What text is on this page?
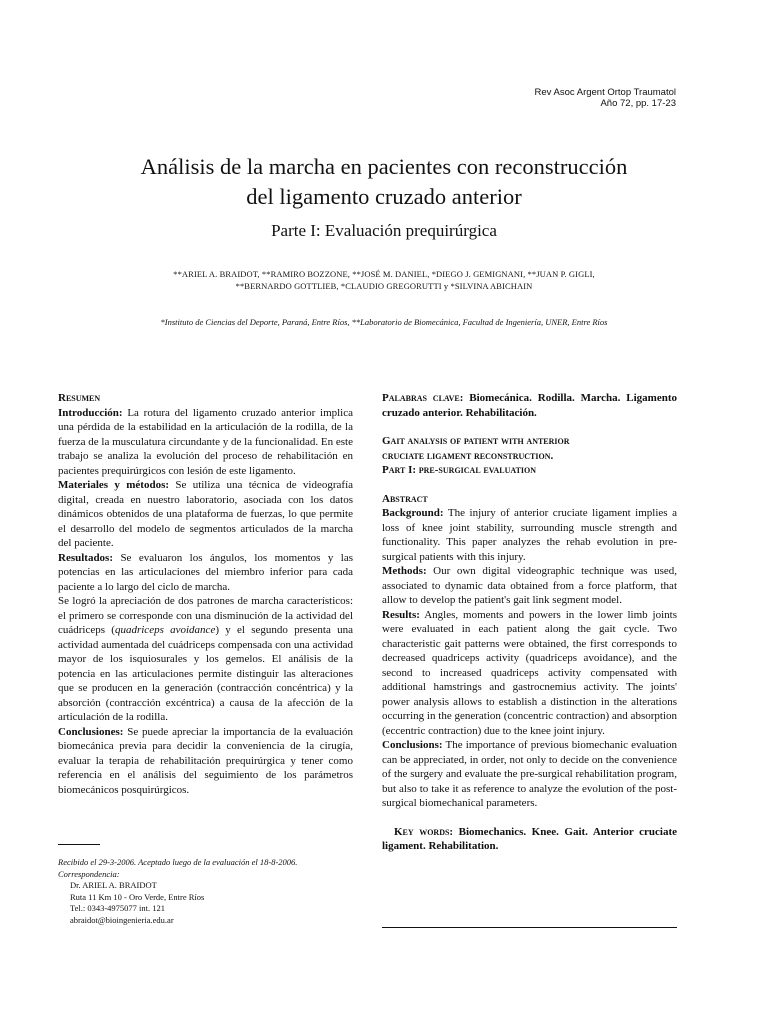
Rev Asoc Argent Ortop Traumatol
Año 72, pp. 17-23
Análisis de la marcha en pacientes con reconstrucción
del ligamento cruzado anterior
Parte I: Evaluación prequirúrgica
**ARIEL A. BRAIDOT, **RAMIRO BOZZONE, **JOSÉ M. DANIEL, *DIEGO J. GEMIGNANI, **JUAN P. GIGLI,
**BERNARDO GOTTLIEB, *CLAUDIO GREGORUTTI y *SILVINA ABICHAIN
*Instituto de Ciencias del Deporte, Paraná, Entre Ríos, **Laboratorio de Biomecánica, Facultad de Ingeniería, UNER, Entre Ríos
Resumen

Introducción: La rotura del ligamento cruzado anterior implica una pérdida de la estabilidad en la articulación de la rodilla, de la fuerza de la musculatura circundante y de la funcionalidad. En este trabajo se analiza la evolución del proceso de rehabilitación en pacientes prequirúrgicos con lesión de este ligamento.

Materiales y métodos: Se utiliza una técnica de videografía digital, creada en nuestro laboratorio, asociada con los datos dinámicos obtenidos de una plataforma de fuerzas, lo que permite el desarrollo del modelo de segmentos articulados de la marcha del paciente.

Resultados: Se evaluaron los ángulos, los momentos y las potencias en las articulaciones del miembro inferior para cada paciente a lo largo del ciclo de marcha.

Se logró la apreciación de dos patrones de marcha característicos: el primero se corresponde con una disminución de la actividad del cuádriceps (quadriceps avoidance) y el segundo presenta una actividad aumentada del cuádriceps compensada con una actividad mayor de los isquiosurales y los gemelos. El análisis de la potencia en las articulaciones permite distinguir las alteraciones que se producen en la generación (contracción concéntrica) y la absorción (contracción excéntrica) a causa de la afección de la articulación de la rodilla.

Conclusiones: Se puede apreciar la importancia de la evaluación biomecánica previa para decidir la conveniencia de la cirugía, evaluar la terapia de rehabilitación prequirúrgica y tener como referencia en el análisis del seguimiento de los parámetros biomecánicos posquirúrgicos.

Recibido el 29-3-2006. Aceptado luego de la evaluación el 18-8-2006.
Correspondencia:
Dr. ARIEL A. BRAIDOT
Ruta 11 Km 10 - Oro Verde, Entre Ríos
Tel.: 0343-4975077 int. 121
abraidot@bioingenieria.edu.ar

Palabras clave: Biomecánica. Rodilla. Marcha. Ligamento cruzado anterior. Rehabilitación.

Gait analysis of patient with anterior
cruciate ligament reconstruction.
Part I: pre-surgical evaluation
Abstract

Background: The injury of anterior cruciate ligament implies a loss of knee joint stability, surrounding muscle strength and functionality. This paper analyzes the rehab evolution in pre-surgical patients with this injury.

Methods: Our own digital videographic technique was used, associated to dynamic data obtained from a force platform, that allow to develop the patient's gait link segment model.

Results: Angles, moments and powers in the lower limb joints were evaluated in each patient along the gait cycle. Two characteristic gait patterns were obtained, the first corresponds to decreased quadriceps activity (quadriceps avoidance), and the second to increased quadriceps activity compensated with additional hamstrings and gastrocnemius activity. The joints' power analysis allows to establish a distinction in the alterations occurring in the generation (concentric contraction) and absorption (eccentric contraction) due to the knee joint injury.

Conclusions: The importance of previous biomechanic evaluation can be appreciated, in order, not only to decide on the convenience of the surgery and evaluate the pre-surgical rehabilitation program, but also to take it as reference to analyze the evolution of the post-surgical biomechanical parameters.

Key words: Biomechanics. Knee. Gait. Anterior cruciate ligament. Rehabilitation.
